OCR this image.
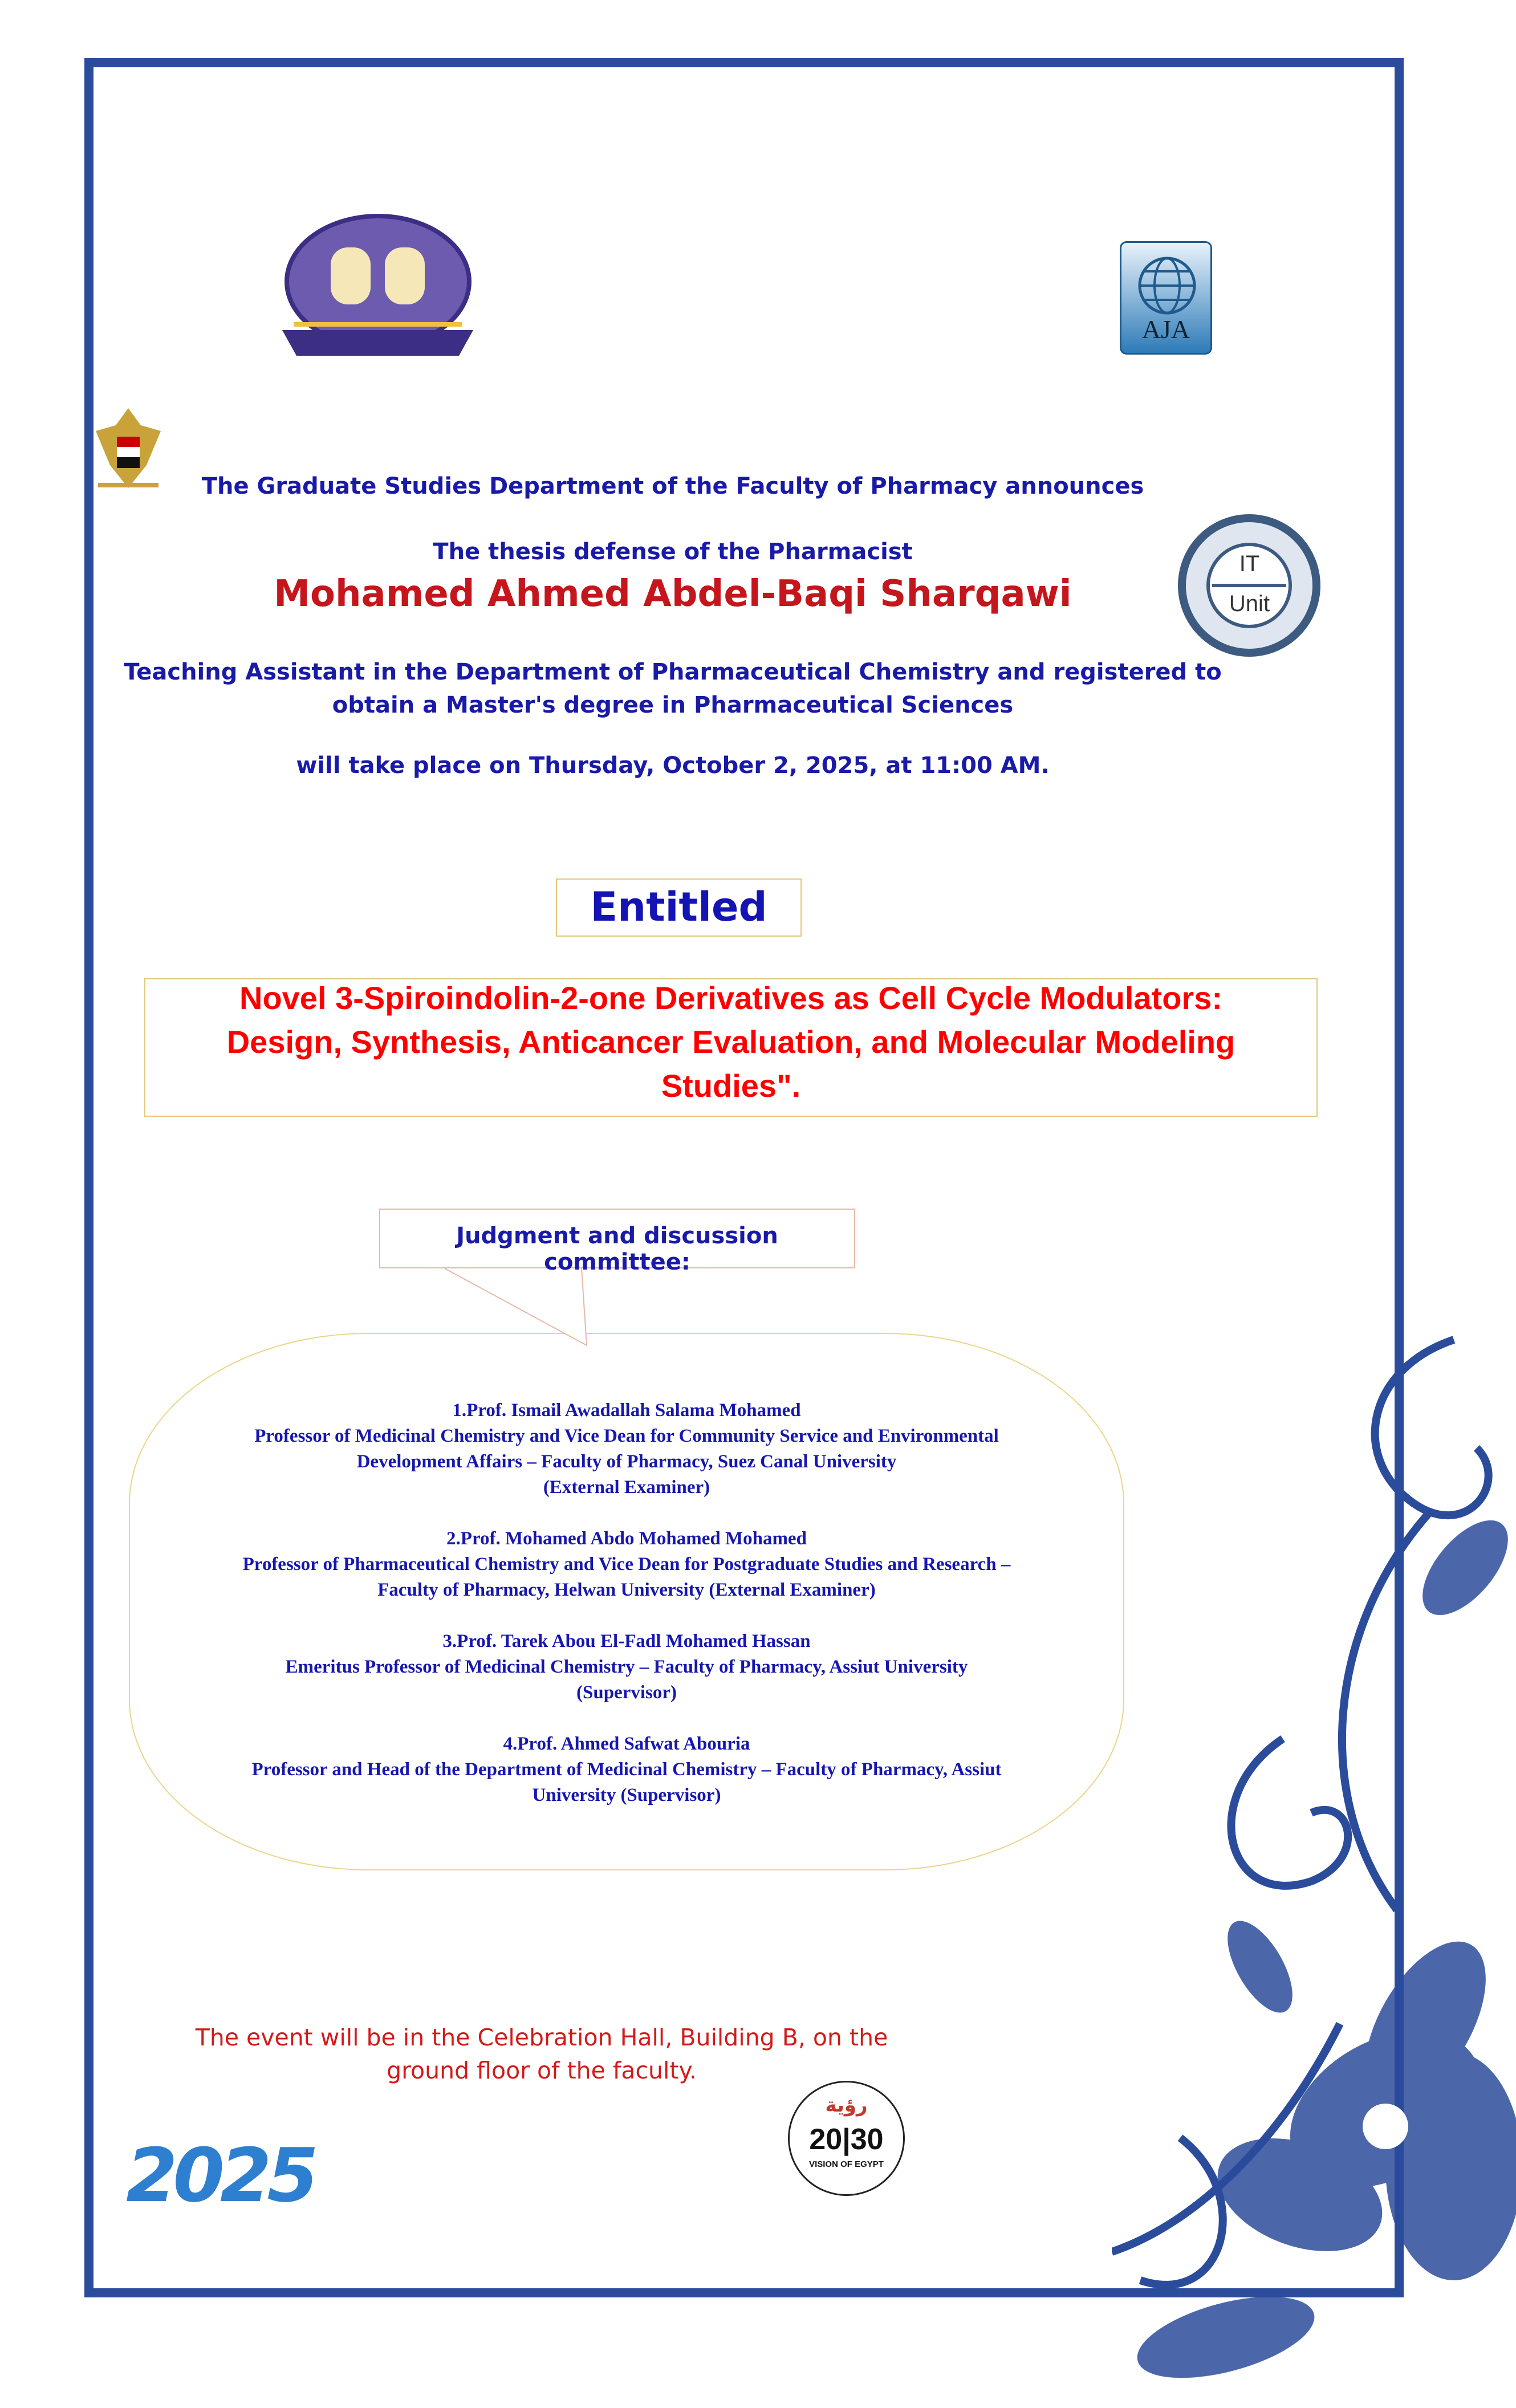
AJA
IT
Unit
The Graduate Studies Department of the Faculty of Pharmacy announces
The thesis defense of the Pharmacist
Mohamed Ahmed Abdel-Baqi Sharqawi
Teaching Assistant in the Department of Pharmaceutical Chemistry and registered to
obtain a Master's degree in Pharmaceutical Sciences
will take place on Thursday, October 2, 2025, at 11:00 AM.
Entitled
Novel 3-Spiroindolin-2-one Derivatives as Cell Cycle Modulators:
Design, Synthesis, Anticancer Evaluation, and Molecular Modeling
Studies".
Judgment and discussion committee:
1.Prof. Ismail Awadallah Salama Mohamed
Professor of Medicinal Chemistry and Vice Dean for Community Service and Environmental
Development Affairs – Faculty of Pharmacy, Suez Canal University
(External Examiner)
2.Prof. Mohamed Abdo Mohamed Mohamed
Professor of Pharmaceutical Chemistry and Vice Dean for Postgraduate Studies and Research –
Faculty of Pharmacy, Helwan University (External Examiner)
3.Prof. Tarek Abou El-Fadl Mohamed Hassan
Emeritus Professor of Medicinal Chemistry – Faculty of Pharmacy, Assiut University
(Supervisor)
4.Prof. Ahmed Safwat Abouria
Professor and Head of the Department of Medicinal Chemistry – Faculty of Pharmacy, Assiut
University (Supervisor)
The event will be in the Celebration Hall, Building B, on the
ground floor of the faculty.
رؤية
20|30
VISION OF EGYPT
2025
